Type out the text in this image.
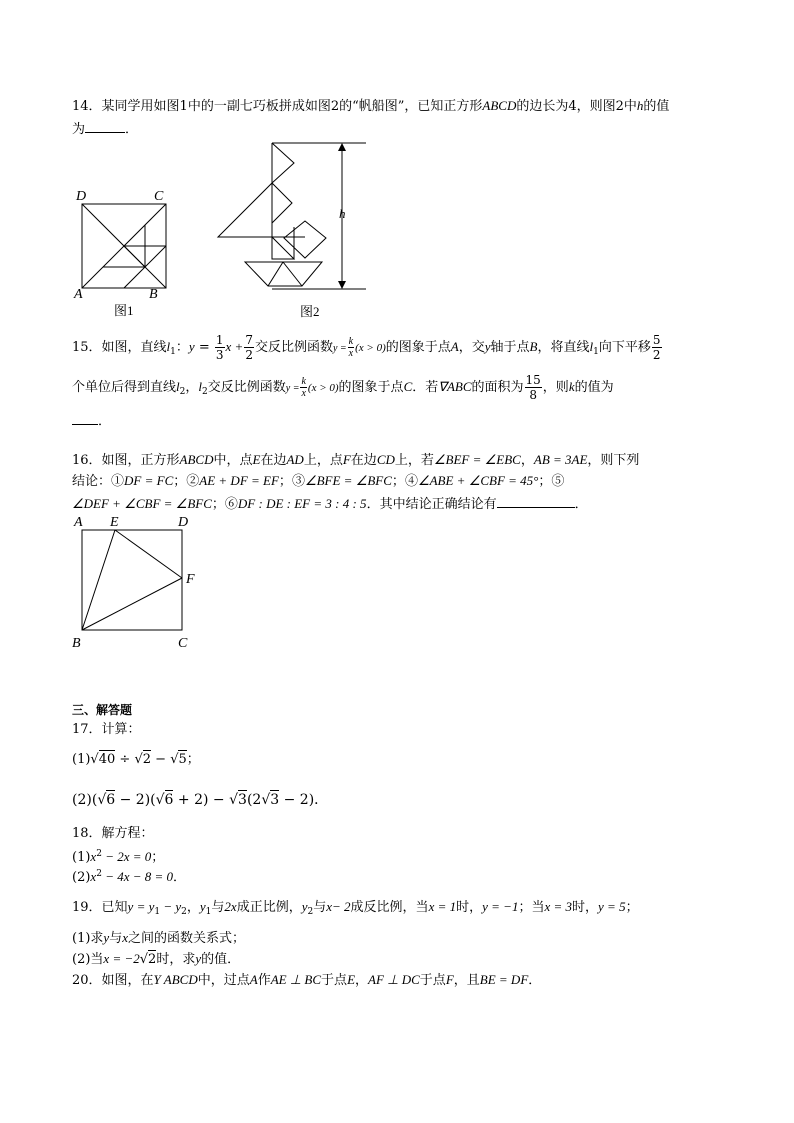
14．某同学用如图1中的一副七巧板拼成如图2的“帆船图”，已知正方形ABCD的边长为4，则图2中h的值
为	．
D	C
A	B
图1
h
图2
15．如图，直线$l_1$：$y = \frac{1}{3}$ $x + \frac{7}{2}$ 交反比例函数$y = \frac{k}{x} (x > 0)$的图象于点A，交y轴于点B，将直线$l_1$向下平移 $\frac{5}{2}$
个单位后得到直线$l_2$，$l_2$交反比例函数$y = \frac{k}{x} (x > 0)$的图象于点C．若∇ABC的面积为 $\frac{15}{8}$ ，则k的值为
．
16．如图，正方形ABCD中，点E在边AD上，点F在边CD上，若∠BEF = ∠EBC，AB = 3AE，则下列
结论：①DF = FC；②AE + DF = EF；③∠BFE = ∠BFC；④∠ABE + ∠CBF = 45°；⑤
∠DEF + ∠CBF = ∠BFC；⑥DF : DE : EF = 3 : 4 : 5．其中结论正确结论有	．
A E	D
F
B	C
三、解答题
17．计算：
(1)√40 ÷ √2 − √5；
(2)(√6 − 2)(√6 + 2) − √3(2√3 − 2)．
18．解方程：
$(1)x^2 - 2x = 0$；
$(2)x^2 - 4x - 8 = 0$．
19．已知$y = y_1 - y_2$，$y_1$与2x成正比例，$y_2$与x− 2成反比例，当x = 1时，y = −1；当x = 3时，y = 5；
(1)求y与x之间的函数关系式；
(2)当x = −2√2时，求y的值．
20．如图，在Y ABCD中，过点A作AE ⊥ BC于点E，AF ⊥ DC于点F，且BE = DF．
